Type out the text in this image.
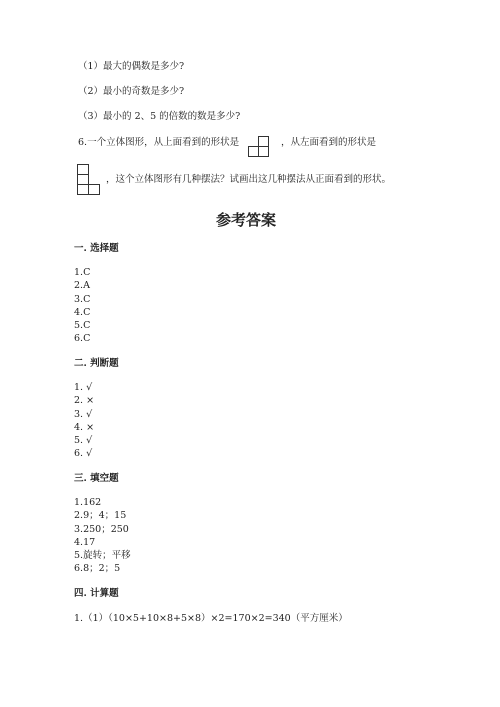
（1）最大的偶数是多少?
（2）最小的奇数是多少?
（3）最小的 2、5 的倍数的数是多少?
6.一个立体图形，从上面看到的形状是	，从左面看到的形状是
，这个立体图形有几种摆法？试画出这几种摆法从正面看到的形状。
参考答案
一. 选择题
1.C
2.A
3.C
4.C
5.C
6.C
二. 判断题
1. √
2. ×
3. √
4. ×
5. √
6. √
三. 填空题
1.162
2.9；4；15
3.250；250
4.17
5.旋转；平移
6.8；2；5
四. 计算题
1.（1）（10×5+10×8+5×8）×2=170×2=340（平方厘米）
